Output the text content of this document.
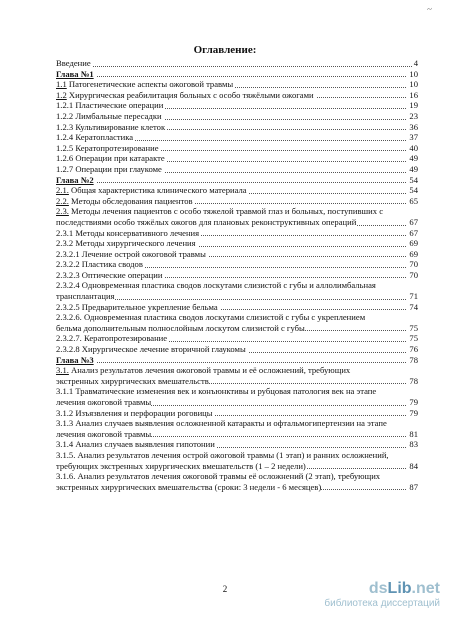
~
Оглавление:
Введение	4
Глава №1	10
1.1 Патогенетические аспекты ожоговой травмы	10
1.2 Хирургическая реабилитация больных с особо тяжёлыми ожогами	16
1.2.1 Пластические операции	19
1.2.2 Лимбальные пересадки	23
1.2.3 Культивирование клеток	36
1.2.4 Кератопластика	37
1.2.5 Кератопротезирование	40
1.2.6 Операции при катаракте	49
1.2.7 Операции при глаукоме	49
Глава №2	54
2.1. Общая характеристика клинического материала	54
2.2. Методы обследования пациентов	65
2.3. Методы лечения пациентов с особо тяжелой травмой глаз и больных, поступивших с последствиями особо тяжёлых ожогов для плановых реконструктивных операций	67
2.3.1 Методы консервативного лечения	67
2.3.2 Методы хирургического лечения	69
2.3.2.1 Лечение острой ожоговой травмы	69
2.3.2.2 Пластика сводов	70
2.3.2.3 Оптические операции	70
2.3.2.4 Одновременная пластика сводов лоскутами слизистой с губы и аллолимбальная трансплантация	71
2.3.2.5 Предварительное укрепление бельма	74
2.3.2.6. Одновременная пластика сводов лоскутами слизистой с губы с укреплением бельма дополнительным полнослойным лоскутом слизистой с губы	75
2.3.2.7. Кератопротезирование	75
2.3.2.8 Хирургическое лечение вторичной глаукомы	76
Глава №3	78
3.1. Анализ результатов лечения ожоговой травмы и её осложнений, требующих экстренных хирургических вмешательств	78
3.1.1 Травматические изменения век и конъюнктивы и рубцовая патология век на этапе лечения ожоговой травмы	79
3.1.2 Изъязвления и перфорации роговицы	79
3.1.3 Анализ случаев выявления осложненной катаракты и офтальмогипертензии на этапе лечения ожоговой травмы	81
3.1.4 Анализ случаев выявления гипотонии	83
3.1.5. Анализ результатов лечения острой ожоговой травмы (1 этап) и ранних осложнений, требующих экстренных хирургических вмешательств (1 – 2 недели)	84
3.1.6. Анализ результатов лечения ожоговой травмы её осложнений (2 этап), требующих экстренных хирургических вмешательства (сроки: 3 недели - 6 месяцев)	87
2	dsLib.net
библиотека диссертаций
